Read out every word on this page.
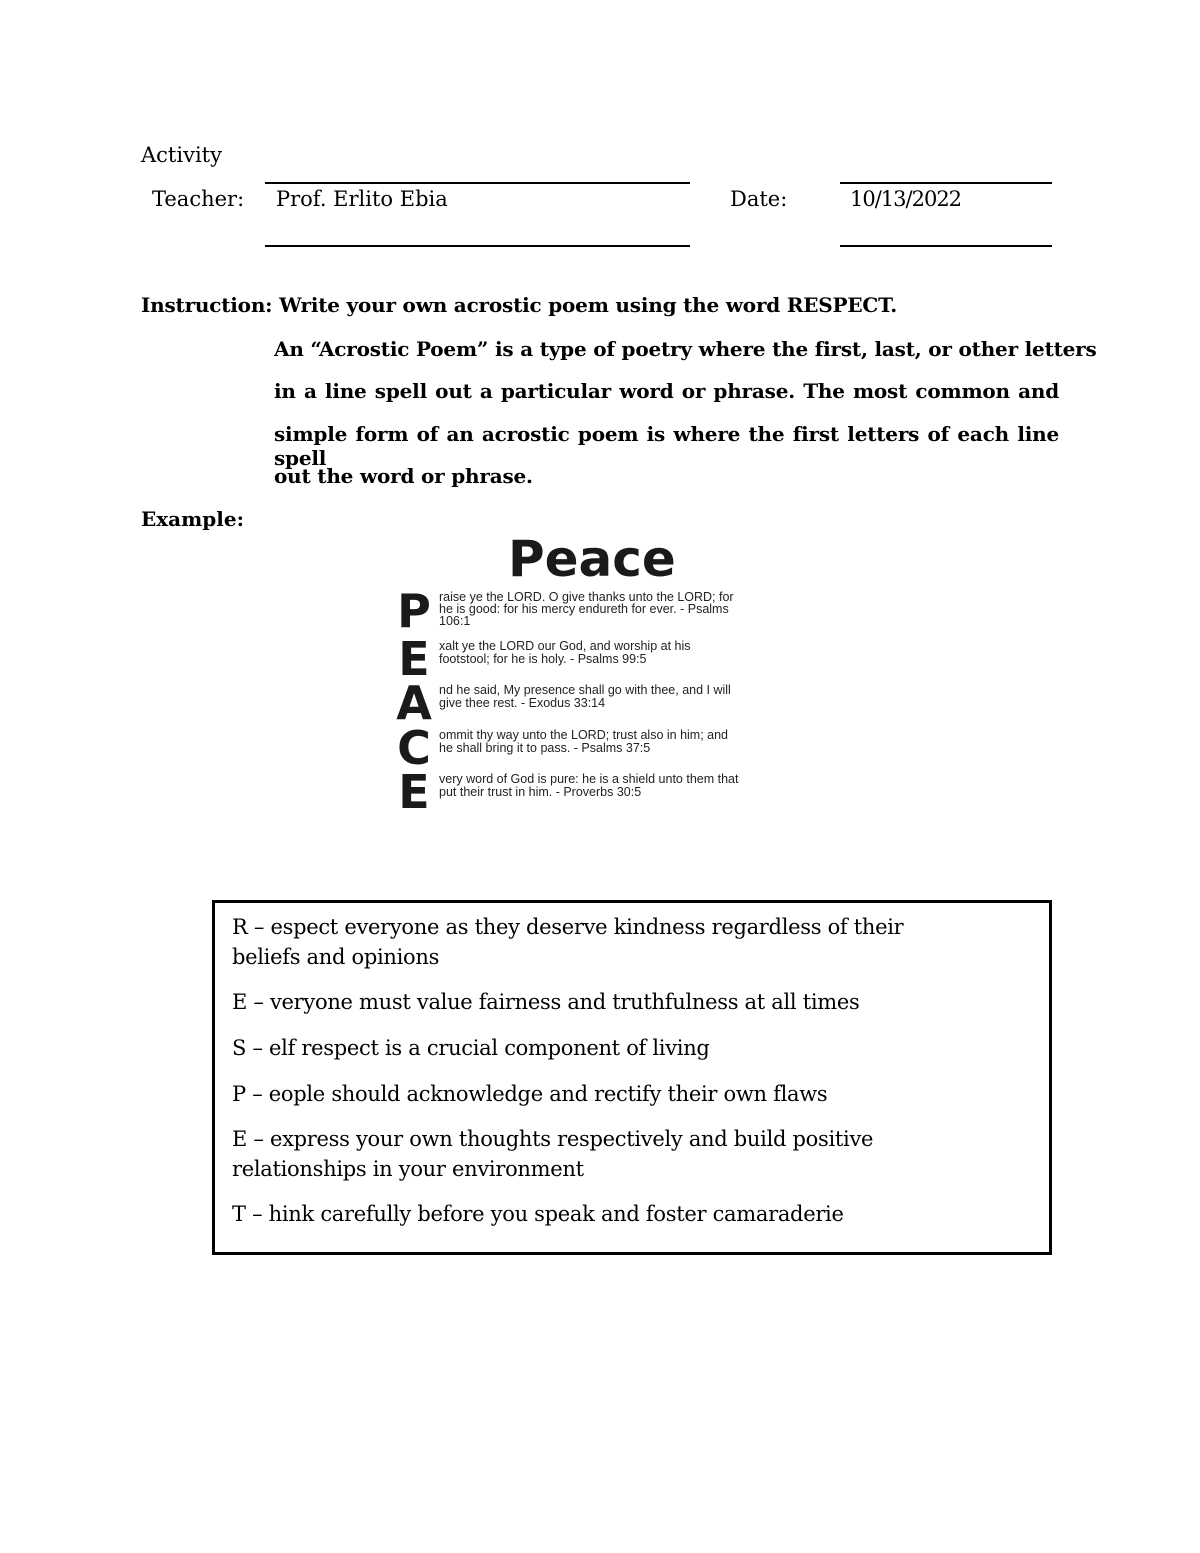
Activity
Teacher: Prof. Erlito Ebia	Date:	10/13/2022
Instruction: Write your own acrostic poem using the word RESPECT.
An “Acrostic Poem” is a type of poetry where the first, last, or other letters
in a line spell out a particular word or phrase. The most common and
simple form of an acrostic poem is where the first letters of each line spell
out the word or phrase.
Example:
Peace
P raise ye the LORD. O give thanks unto the LORD; for
he is good: for his mercy endureth for ever. - Psalms
106:1
E xalt ye the LORD our God, and worship at his
footstool; for he is holy. - Psalms 99:5
A nd he said, My presence shall go with thee, and I will
give thee rest. - Exodus 33:14
C ommit thy way unto the LORD; trust also in him; and
he shall bring it to pass. - Psalms 37:5
E very word of God is pure: he is a shield unto them that
put their trust in him. - Proverbs 30:5
R – espect everyone as they deserve kindness regardless of their
beliefs and opinions
E – veryone must value fairness and truthfulness at all times
S – elf respect is a crucial component of living
P – eople should acknowledge and rectify their own flaws
E – express your own thoughts respectively and build positive
relationships in your environment
T – hink carefully before you speak and foster camaraderie
